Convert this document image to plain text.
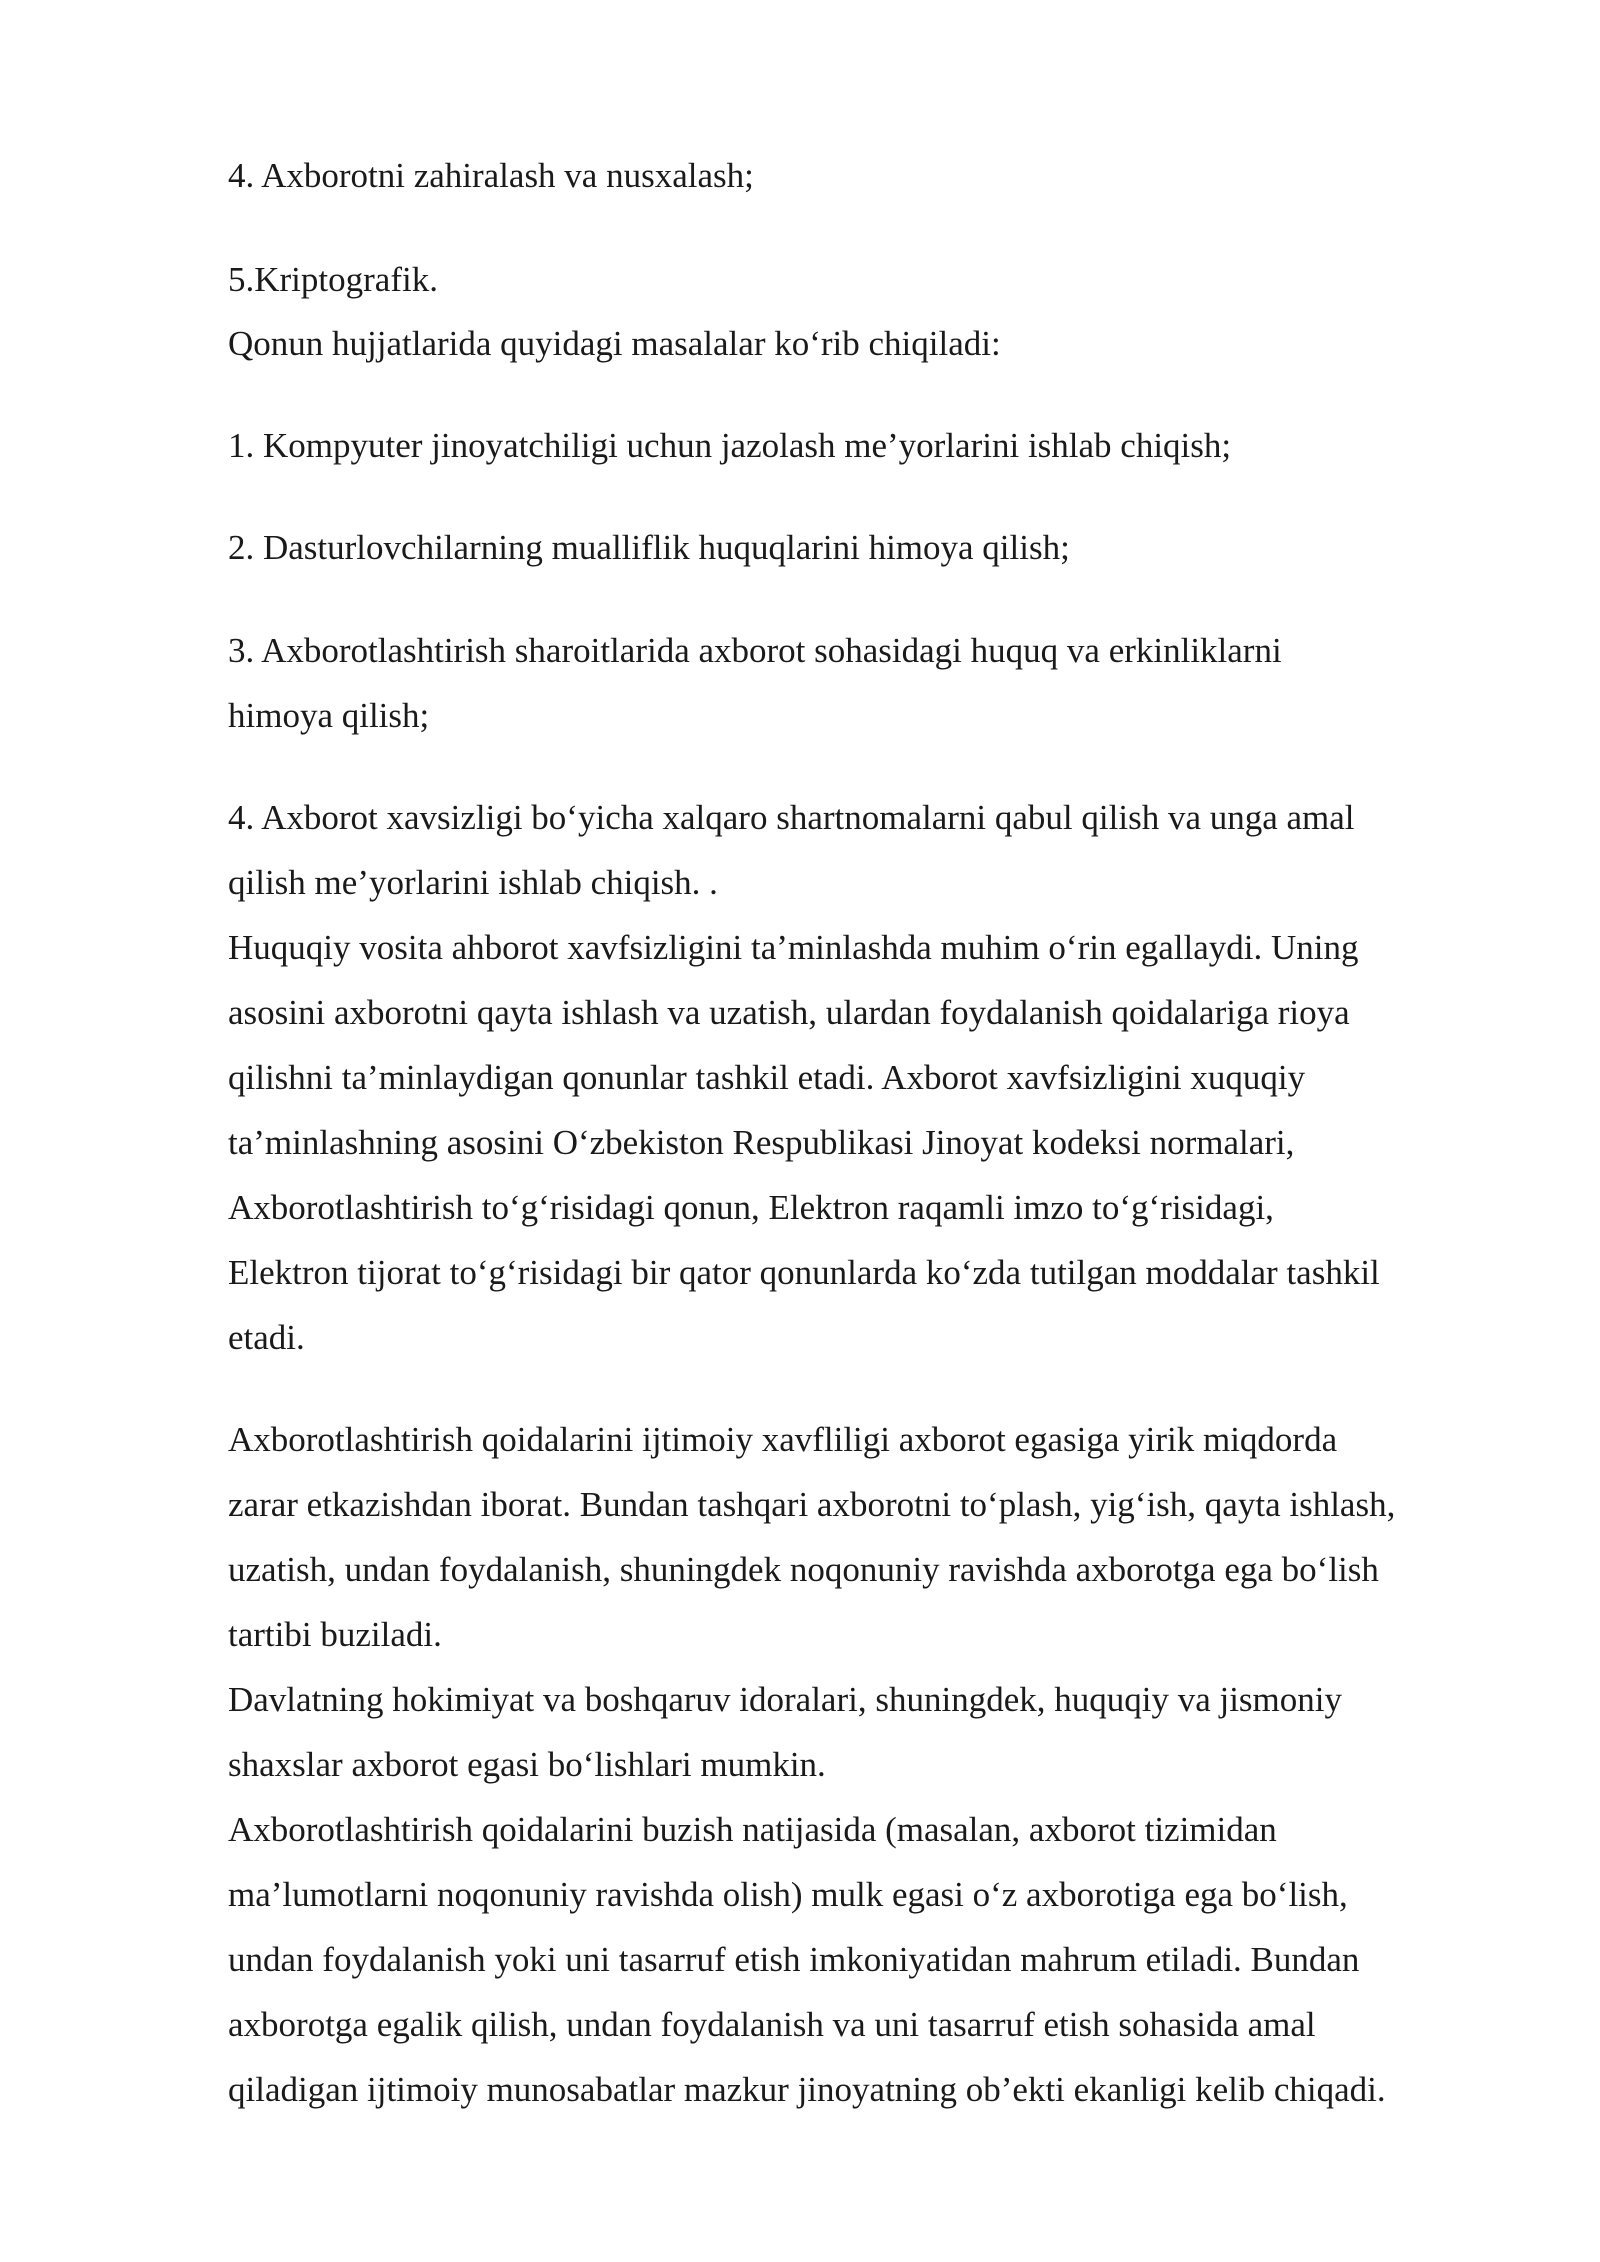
4. Axborotni zahiralash va nusxalash;
5.Kriptografik.
Qonun hujjatlarida quyidagi masalalar ko‘rib chiqiladi:
1. Kompyuter jinoyatchiligi uchun jazolash me’yorlarini ishlab chiqish;
2. Dasturlovchilarning mualliflik huquqlarini himoya qilish;
3. Axborotlashtirish sharoitlarida axborot sohasidagi huquq va erkinliklarni
himoya qilish;
4. Axborot xavsizligi bo‘yicha xalqaro shartnomalarni qabul qilish va unga amal
qilish me’yorlarini ishlab chiqish. .
Huquqiy vosita ahborot xavfsizligini ta’minlashda muhim o‘rin egallaydi. Uning
asosini axborotni qayta ishlash va uzatish, ulardan foydalanish qoidalariga rioya
qilishni ta’minlaydigan qonunlar tashkil etadi. Axborot xavfsizligini xuquqiy
ta’minlashning asosini O‘zbekiston Respublikasi Jinoyat kodeksi normalari,
Axborotlashtirish to‘g‘risidagi qonun, Elektron raqamli imzo to‘g‘risidagi,
Elektron tijorat to‘g‘risidagi bir qator qonunlarda ko‘zda tutilgan moddalar tashkil
etadi.
Axborotlashtirish qoidalarini ijtimoiy xavfliligi axborot egasiga yirik miqdorda
zarar etkazishdan iborat. Bundan tashqari axborotni to‘plash, yig‘ish, qayta ishlash,
uzatish, undan foydalanish, shuningdek noqonuniy ravishda axborotga ega bo‘lish
tartibi buziladi.
Davlatning hokimiyat va boshqaruv idoralari, shuningdek, huquqiy va jismoniy
shaxslar axborot egasi bo‘lishlari mumkin.
Axborotlashtirish qoidalarini buzish natijasida (masalan, axborot tizimidan
ma’lumotlarni noqonuniy ravishda olish) mulk egasi o‘z axborotiga ega bo‘lish,
undan foydalanish yoki uni tasarruf etish imkoniyatidan mahrum etiladi. Bundan
axborotga egalik qilish, undan foydalanish va uni tasarruf etish sohasida amal
qiladigan ijtimoiy munosabatlar mazkur jinoyatning ob’ekti ekanligi kelib chiqadi.
